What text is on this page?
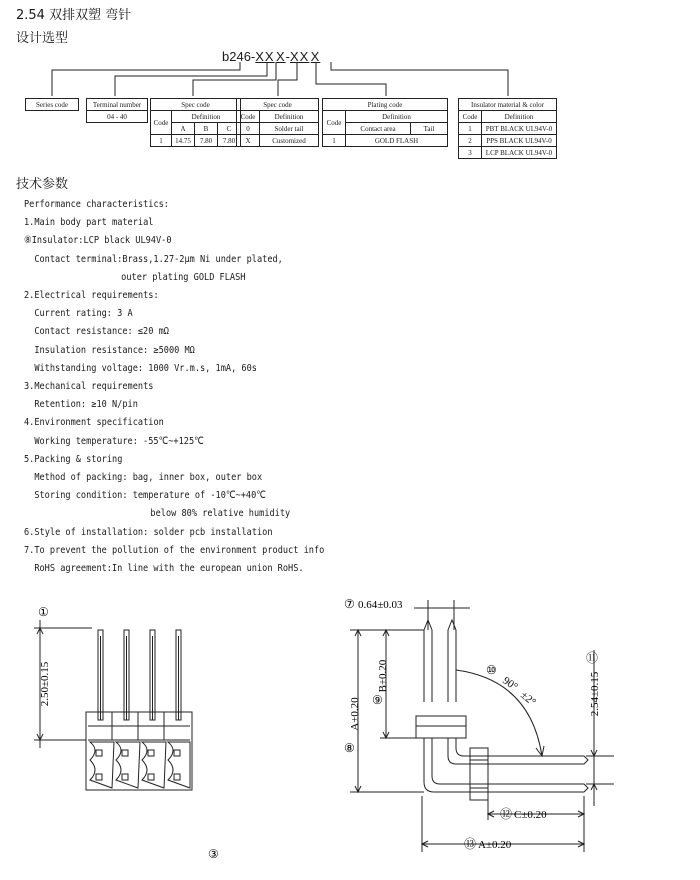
2.54 双排双塑 弯针
设计选型
b246-XX X-XX X
Series code	Terminal number
04 - 40
Spec code			
Code	Definition		
	A	B	C
1	14.75	7.80	7.80
Spec code	
Code	Definition
0	Solder tail
X	Customized
Plating code		
Code	Definition	
	Contact area	Tail
1	GOLD FLASH	
Insulator material & color	
Code	Definition
1	PBT BLACK UL94V-0
2	PPS BLACK UL94V-0
3	LCP BLACK UL94V-0
技术参数
Performance characteristics:
1.Main body part material
⑧Insulator:LCP black UL94V-0
Contact terminal:Brass,1.27-2μm Ni under plated,
outer plating GOLD FLASH
2.Electrical requirements:
Current rating: 3 A
Contact resistance: ≤20 mΩ
Insulation resistance: ≥5000 MΩ
Withstanding voltage: 1000 Vr.m.s, 1mA, 60s
3.Mechanical requirements
Retention: ≥10 N/pin
4.Environment specification
Working temperature: -55℃~+125℃
5.Packing & storing
Method of packing: bag, inner box, outer box
Storing condition: temperature of -10℃~+40℃
below 80% relative humidity
6.Style of installation: solder pcb installation
7.To prevent the pollution of the environment product info
RoHS agreement:In line with the european union RoHS.
①
2.50±0.15
③
⑦ 0.64±0.03
⑨
B±0.20
⑧
A±0.20
⑩
90°
±2°
⑪
2.54±0.15
⑫ C±0.20
⑬ A±0.20
